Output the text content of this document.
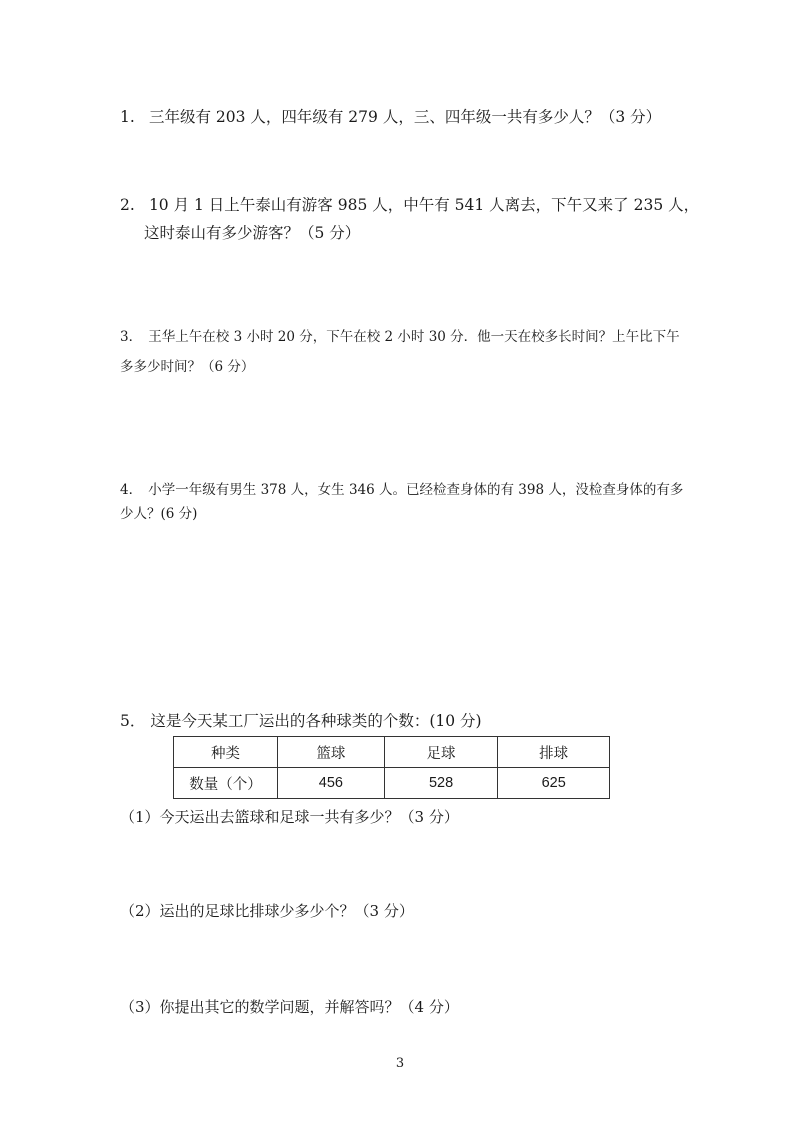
1. 三年级有 203 人，四年级有 279 人，三、四年级一共有多少人？（3 分）

2. 10 月 1 日上午泰山有游客 985 人，中午有 541 人离去，下午又来了 235 人，
这时泰山有多少游客？（5 分）

3． 王华上午在校 3 小时 20 分，下午在校 2 小时 30 分．他一天在校多长时间？上午比下午
多多少时间？（6 分）

4． 小学一年级有男生 378 人，女生 346 人。已经检查身体的有 398 人，没检查身体的有多
少人？(6 分)

5． 这是今天某工厂运出的各种球类的个数：(10 分)

种类	篮球	足球	排球
数量（个）	456	528	625

（1）今天运出去篮球和足球一共有多少？（3 分）

（2）运出的足球比排球少多少个？（3 分）

（3）你提出其它的数学问题，并解答吗？（4 分）

3
